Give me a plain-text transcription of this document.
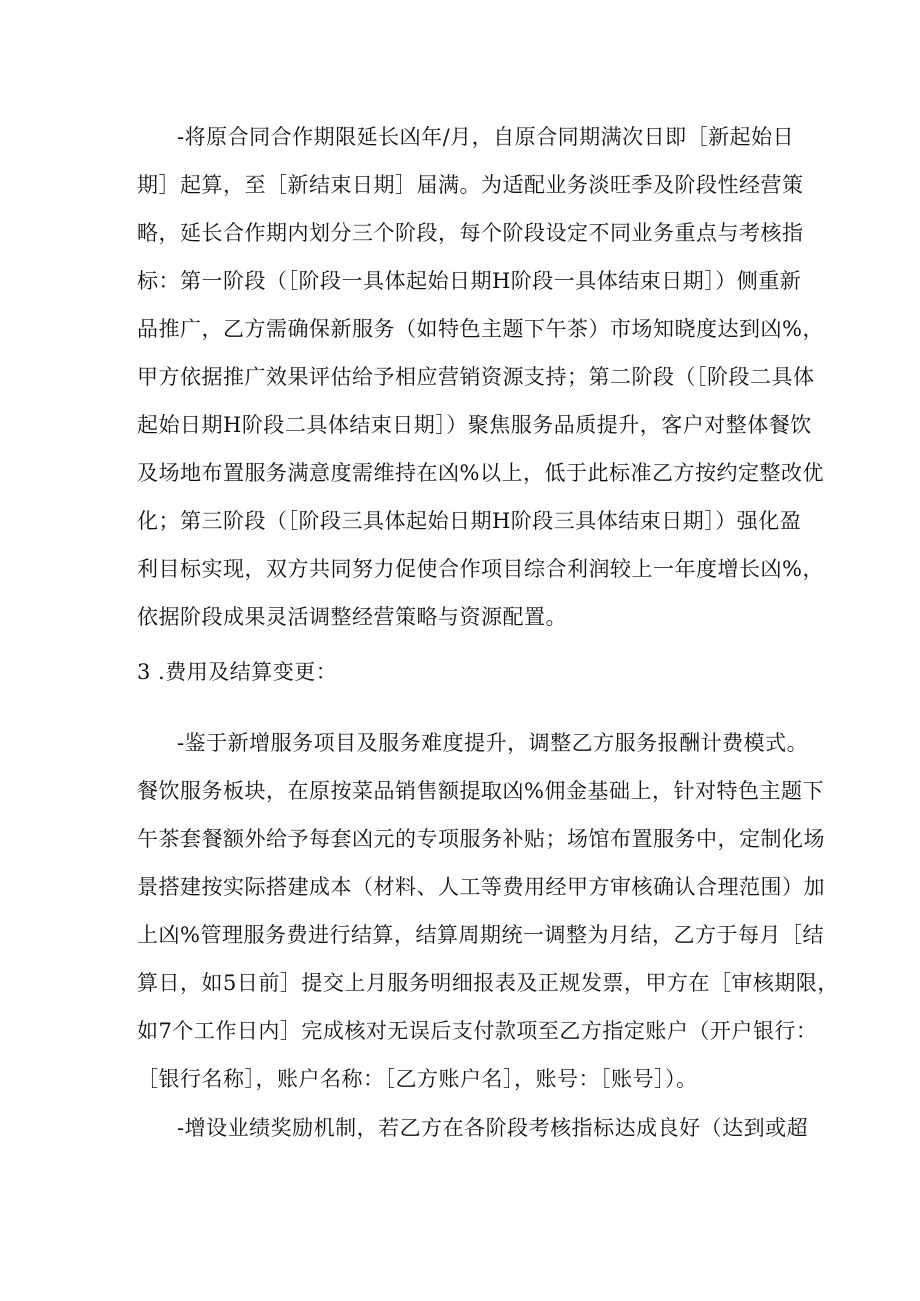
-将原合同合作期限延长凶年/月，自原合同期满次日即［新起始日
期］起算，至［新结束日期］届满。为适配业务淡旺季及阶段性经营策
略，延长合作期内划分三个阶段，每个阶段设定不同业务重点与考核指
标：第一阶段（［阶段一具体起始日期H阶段一具体结束日期］）侧重新
品推广，乙方需确保新服务（如特色主题下午茶）市场知晓度达到凶%，
甲方依据推广效果评估给予相应营销资源支持；第二阶段（［阶段二具体
起始日期H阶段二具体结束日期］）聚焦服务品质提升，客户对整体餐饮
及场地布置服务满意度需维持在凶%以上，低于此标准乙方按约定整改优
化；第三阶段（［阶段三具体起始日期H阶段三具体结束日期］）强化盈
利目标实现，双方共同努力促使合作项目综合利润较上一年度增长凶%，
依据阶段成果灵活调整经营策略与资源配置。
3 .费用及结算变更：
-鉴于新增服务项目及服务难度提升，调整乙方服务报酬计费模式。
餐饮服务板块，在原按菜品销售额提取凶%佣金基础上，针对特色主题下
午茶套餐额外给予每套凶元的专项服务补贴；场馆布置服务中，定制化场
景搭建按实际搭建成本（材料、人工等费用经甲方审核确认合理范围）加
上凶%管理服务费进行结算，结算周期统一调整为月结，乙方于每月［结
算日，如5日前］提交上月服务明细报表及正规发票，甲方在［审核期限，
如7个工作日内］完成核对无误后支付款项至乙方指定账户（开户银行：
［银行名称］，账户名称：［乙方账户名］，账号：［账号］）。
-增设业绩奖励机制，若乙方在各阶段考核指标达成良好（达到或超
